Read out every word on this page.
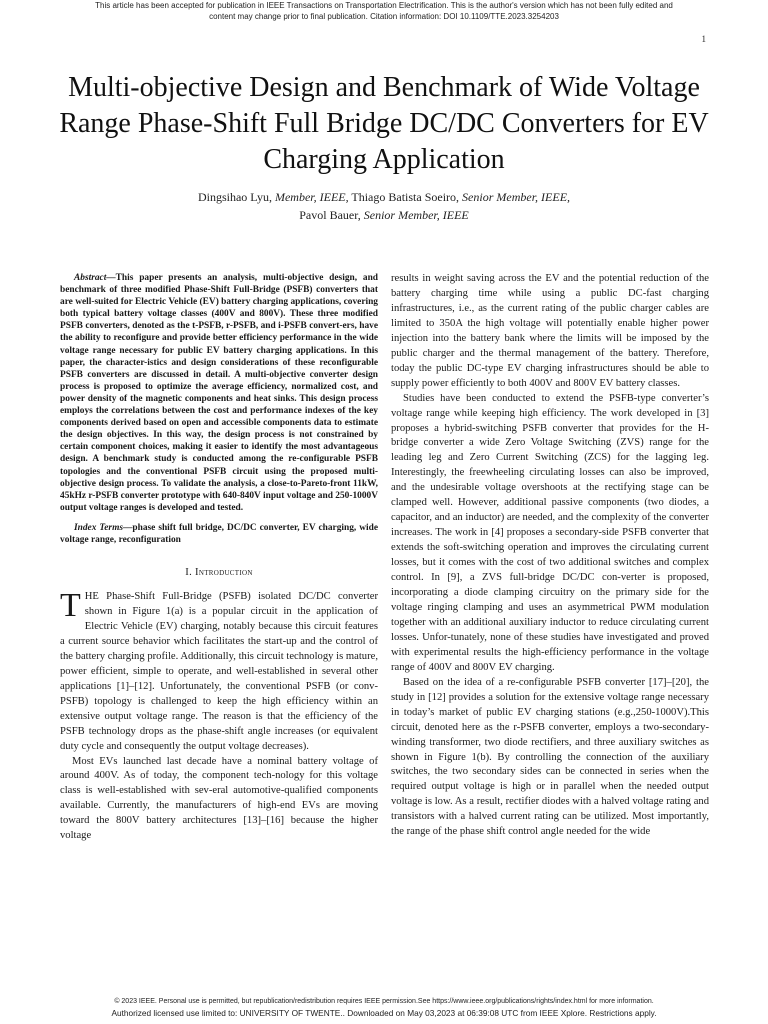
This article has been accepted for publication in IEEE Transactions on Transportation Electrification. This is the author's version which has not been fully edited and
content may change prior to final publication. Citation information: DOI 10.1109/TTE.2023.3254203
1
Multi-objective Design and Benchmark of Wide Voltage Range Phase-Shift Full Bridge DC/DC Converters for EV Charging Application
Dingsihao Lyu, Member, IEEE, Thiago Batista Soeiro, Senior Member, IEEE,
Pavol Bauer, Senior Member, IEEE

Abstract—This paper presents an analysis, multi-objective design, and benchmark of three modified Phase-Shift Full-Bridge (PSFB) converters that are well-suited for Electric Vehicle (EV) battery charging applications, covering both typical battery voltage classes (400V and 800V). These three modified PSFB converters, denoted as the t-PSFB, r-PSFB, and i-PSFB convert-ers, have the ability to reconfigure and provide better efficiency performance in the wide voltage range necessary for public EV battery charging applications. In this paper, the character-istics and design considerations of these reconfigurable PSFB converters are discussed in detail. A multi-objective converter design process is proposed to optimize the average efficiency, normalized cost, and power density of the magnetic components and heat sinks. This design process employs the correlations between the cost and performance indexes of the key components derived based on open and accessible components data to estimate the design objectives. In this way, the design process is not constrained by certain component choices, making it easier to identify the most advantageous design. A benchmark study is conducted among the re-configurable PSFB topologies and the conventional PSFB circuit using the proposed multi-objective design process. To validate the analysis, a close-to-Pareto-front 11kW, 45kHz r-PSFB converter prototype with 640-840V input voltage and 250-1000V output voltage ranges is developed and tested.

Index Terms—phase shift full bridge, DC/DC converter, EV charging, wide voltage range, reconfiguration

I. Introduction

THE Phase-Shift Full-Bridge (PSFB) isolated DC/DC converter shown in Figure 1(a) is a popular circuit in the application of Electric Vehicle (EV) charging, notably because this circuit features a current source behavior which facilitates the start-up and the control of the battery charging profile. Additionally, this circuit technology is mature, power efficient, simple to operate, and well-established in several other applications [1]–[12]. Unfortunately, the conventional PSFB (or conv-PSFB) topology is challenged to keep the high efficiency within an extensive output voltage range. The reason is that the efficiency of the PSFB technology drops as the phase-shift angle increases (or equivalent duty cycle and consequently the output voltage decreases).

Most EVs launched last decade have a nominal battery voltage of around 400V. As of today, the component tech-nology for this voltage class is well-established with sev-eral automotive-qualified components available. Currently, the manufacturers of high-end EVs are moving toward the 800V battery architectures [13]–[16] because the higher voltage

results in weight saving across the EV and the potential reduction of the battery charging time while using a public DC-fast charging infrastructures, i.e., as the current rating of the public charger cables are limited to 350A the high voltage will potentially enable higher power injection into the battery bank where the limits will be imposed by the public charger and the thermal management of the battery. Therefore, today the public DC-type EV charging infrastructures should be able to supply power efficiently to both 400V and 800V EV battery classes.

Studies have been conducted to extend the PSFB-type converter’s voltage range while keeping high efficiency. The work developed in [3] proposes a hybrid-switching PSFB converter that provides for the H-bridge converter a wide Zero Voltage Switching (ZVS) range for the leading leg and Zero Current Switching (ZCS) for the lagging leg. Interestingly, the freewheeling circulating losses can also be improved, and the undesirable voltage overshoots at the rectifying stage can be clamped well. However, additional passive components (two diodes, a capacitor, and an inductor) are needed, and the complexity of the converter increases. The work in [4] proposes a secondary-side PSFB converter that extends the soft-switching operation and improves the circulating current losses, but it comes with the cost of two additional switches and complex control. In [9], a ZVS full-bridge DC/DC con-verter is proposed, incorporating a diode clamping circuitry on the primary side for the voltage ringing clamping and uses an asymmetrical PWM modulation together with an additional auxiliary inductor to reduce circulating current losses. Unfor-tunately, none of these studies have investigated and proved with experimental results the high-efficiency performance in the voltage range of 400V and 800V EV charging.

Based on the idea of a re-configurable PSFB converter [17]–[20], the study in [12] provides a solution for the extensive voltage range necessary in today’s market of public EV charging stations (e.g.,250-1000V).This circuit, denoted here as the r-PSFB converter, employs a two-secondary-winding transformer, two diode rectifiers, and three auxiliary switches as shown in Figure 1(b). By controlling the connection of the auxiliary switches, the two secondary sides can be connected in series when the required output voltage is high or in parallel when the needed output voltage is low. As a result, rectifier diodes with a halved voltage rating and transistors with a halved current rating can be utilized. Most importantly, the range of the phase shift control angle needed for the wide

© 2023 IEEE. Personal use is permitted, but republication/redistribution requires IEEE permission.See https://www.ieee.org/publications/rights/index.html for more information.
Authorized licensed use limited to: UNIVERSITY OF TWENTE.. Downloaded on May 03,2023 at 06:39:08 UTC from IEEE Xplore. Restrictions apply.
